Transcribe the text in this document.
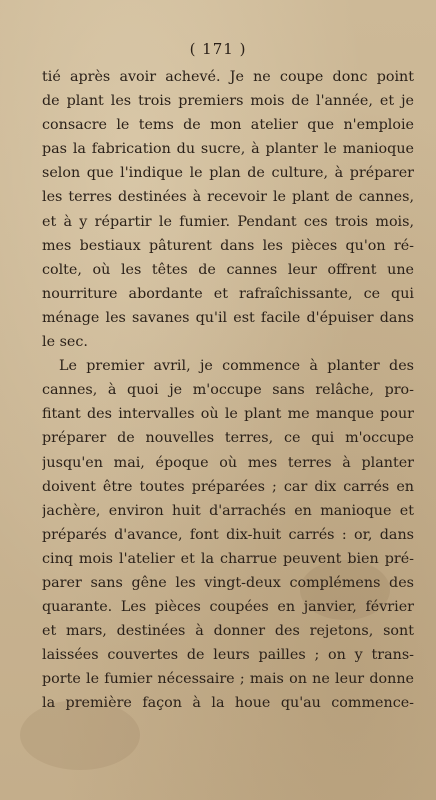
( 171 )
tié après avoir achevé. Je ne coupe donc point
de plant les trois premiers mois de l'année, et je
consacre le tems de mon atelier que n'emploie
pas la fabrication du sucre, à planter le manioque
selon que l'indique le plan de culture, à préparer
les terres destinées à recevoir le plant de cannes,
et à y répartir le fumier. Pendant ces trois mois,
mes bestiaux pâturent dans les pièces qu'on ré-
colte, où les têtes de cannes leur offrent une
nourriture abordante et rafraîchissante, ce qui
ménage les savanes qu'il est facile d'épuiser dans
le sec.
Le premier avril, je commence à planter des
cannes, à quoi je m'occupe sans relâche, pro-
fitant des intervalles où le plant me manque pour
préparer de nouvelles terres, ce qui m'occupe
jusqu'en mai, époque où mes terres à planter
doivent être toutes préparées ; car dix carrés en
jachère, environ huit d'arrachés en manioque et
préparés d'avance, font dix-huit carrés : or, dans
cinq mois l'atelier et la charrue peuvent bien pré-
parer sans gêne les vingt-deux complémens des
quarante. Les pièces coupées en janvier, février
et mars, destinées à donner des rejetons, sont
laissées couvertes de leurs pailles ; on y trans-
porte le fumier nécessaire ; mais on ne leur donne
la première façon à la houe qu'au commence-
